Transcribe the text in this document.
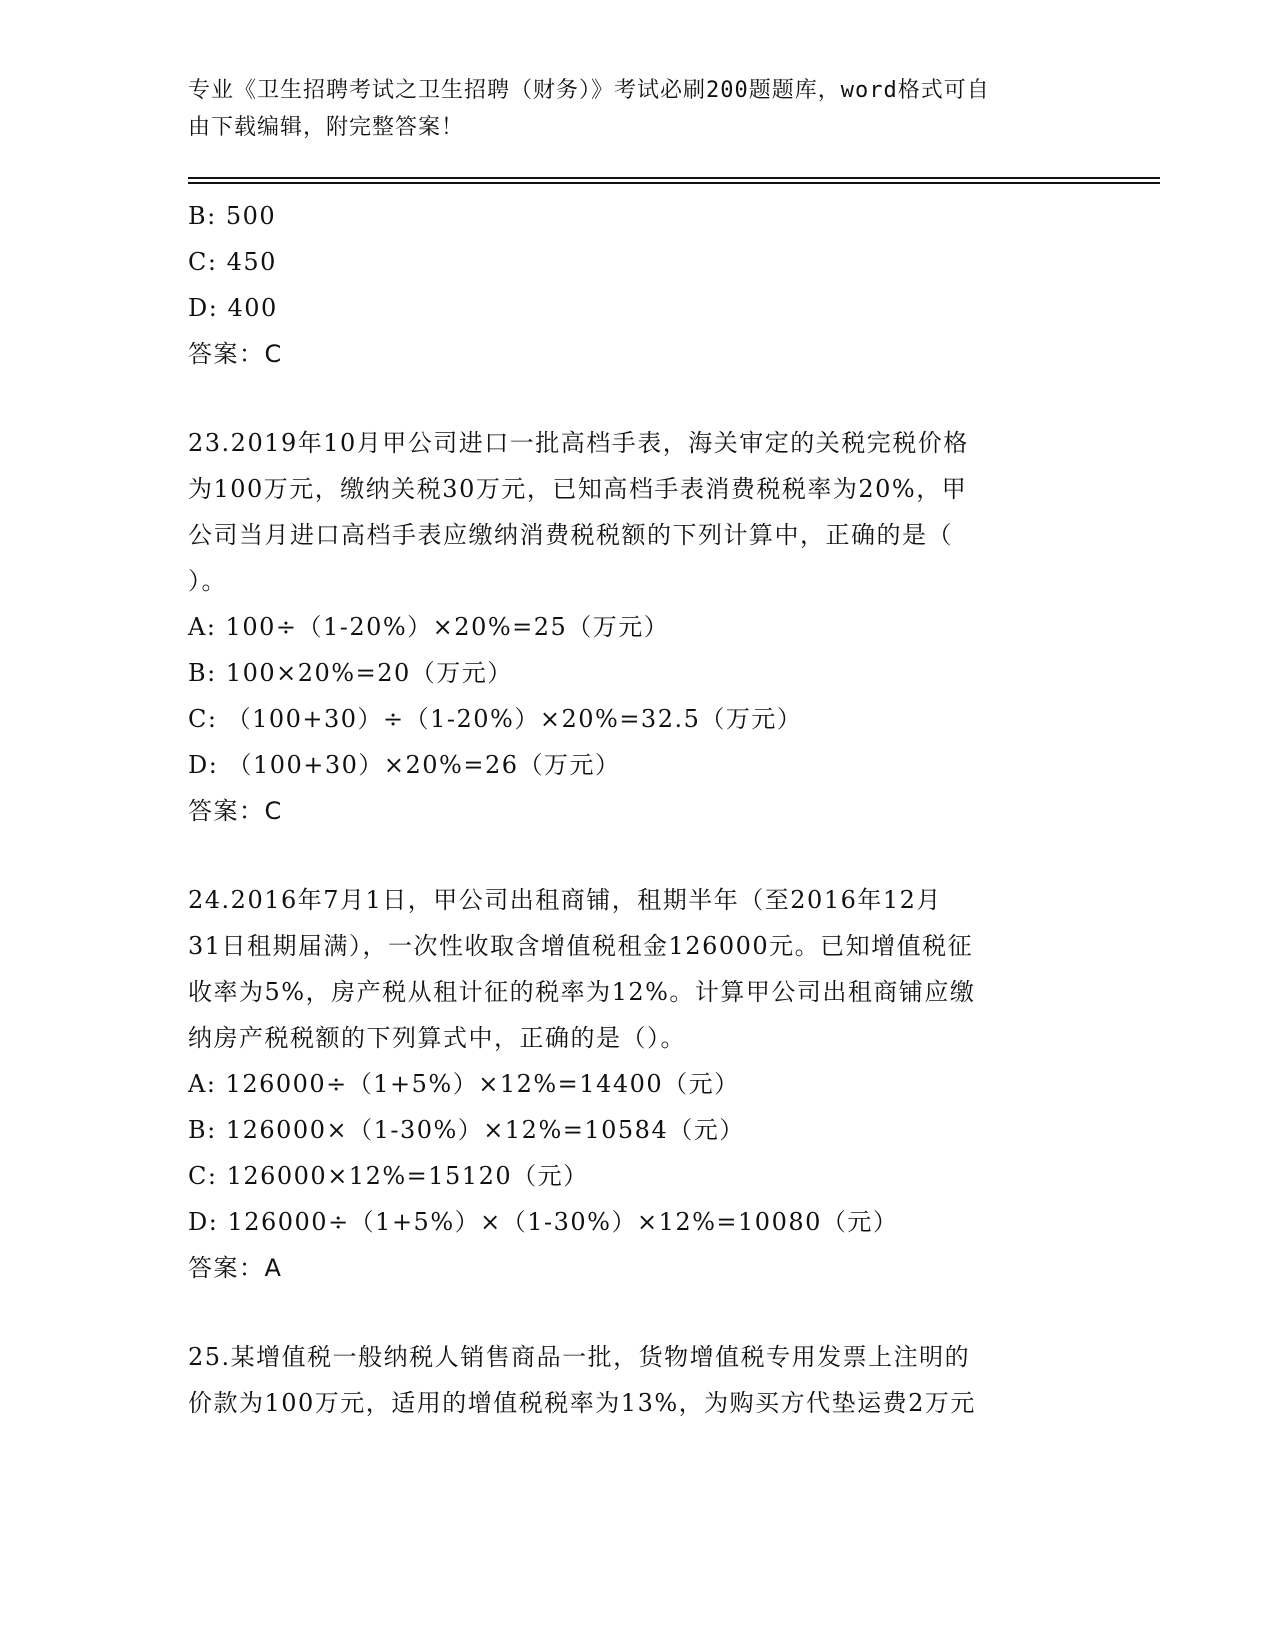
专业《卫生招聘考试之卫生招聘（财务）》考试必刷200题题库，word格式可自
由下载编辑，附完整答案！
B: 500
C: 450
D: 400
答案：C
23.2019年10月甲公司进口一批高档手表，海关审定的关税完税价格
为100万元，缴纳关税30万元，已知高档手表消费税税率为20%，甲
公司当月进口高档手表应缴纳消费税税额的下列计算中，正确的是（
）。
A: 100÷（1-20%）×20%=25（万元）
B: 100×20%=20（万元）
C: （100+30）÷（1-20%）×20%=32.5（万元）
D: （100+30）×20%=26（万元）
答案：C
24.2016年7月1日，甲公司出租商铺，租期半年（至2016年12月
31日租期届满），一次性收取含增值税租金126000元。已知增值税征
收率为5%，房产税从租计征的税率为12%。计算甲公司出租商铺应缴
纳房产税税额的下列算式中，正确的是（）。
A: 126000÷（1+5%）×12%=14400（元）
B: 126000×（1-30%）×12%=10584（元）
C: 126000×12%=15120（元）
D: 126000÷（1+5%）×（1-30%）×12%=10080（元）
答案：A
25.某增值税一般纳税人销售商品一批，货物增值税专用发票上注明的
价款为100万元，适用的增值税税率为13%，为购买方代垫运费2万元
